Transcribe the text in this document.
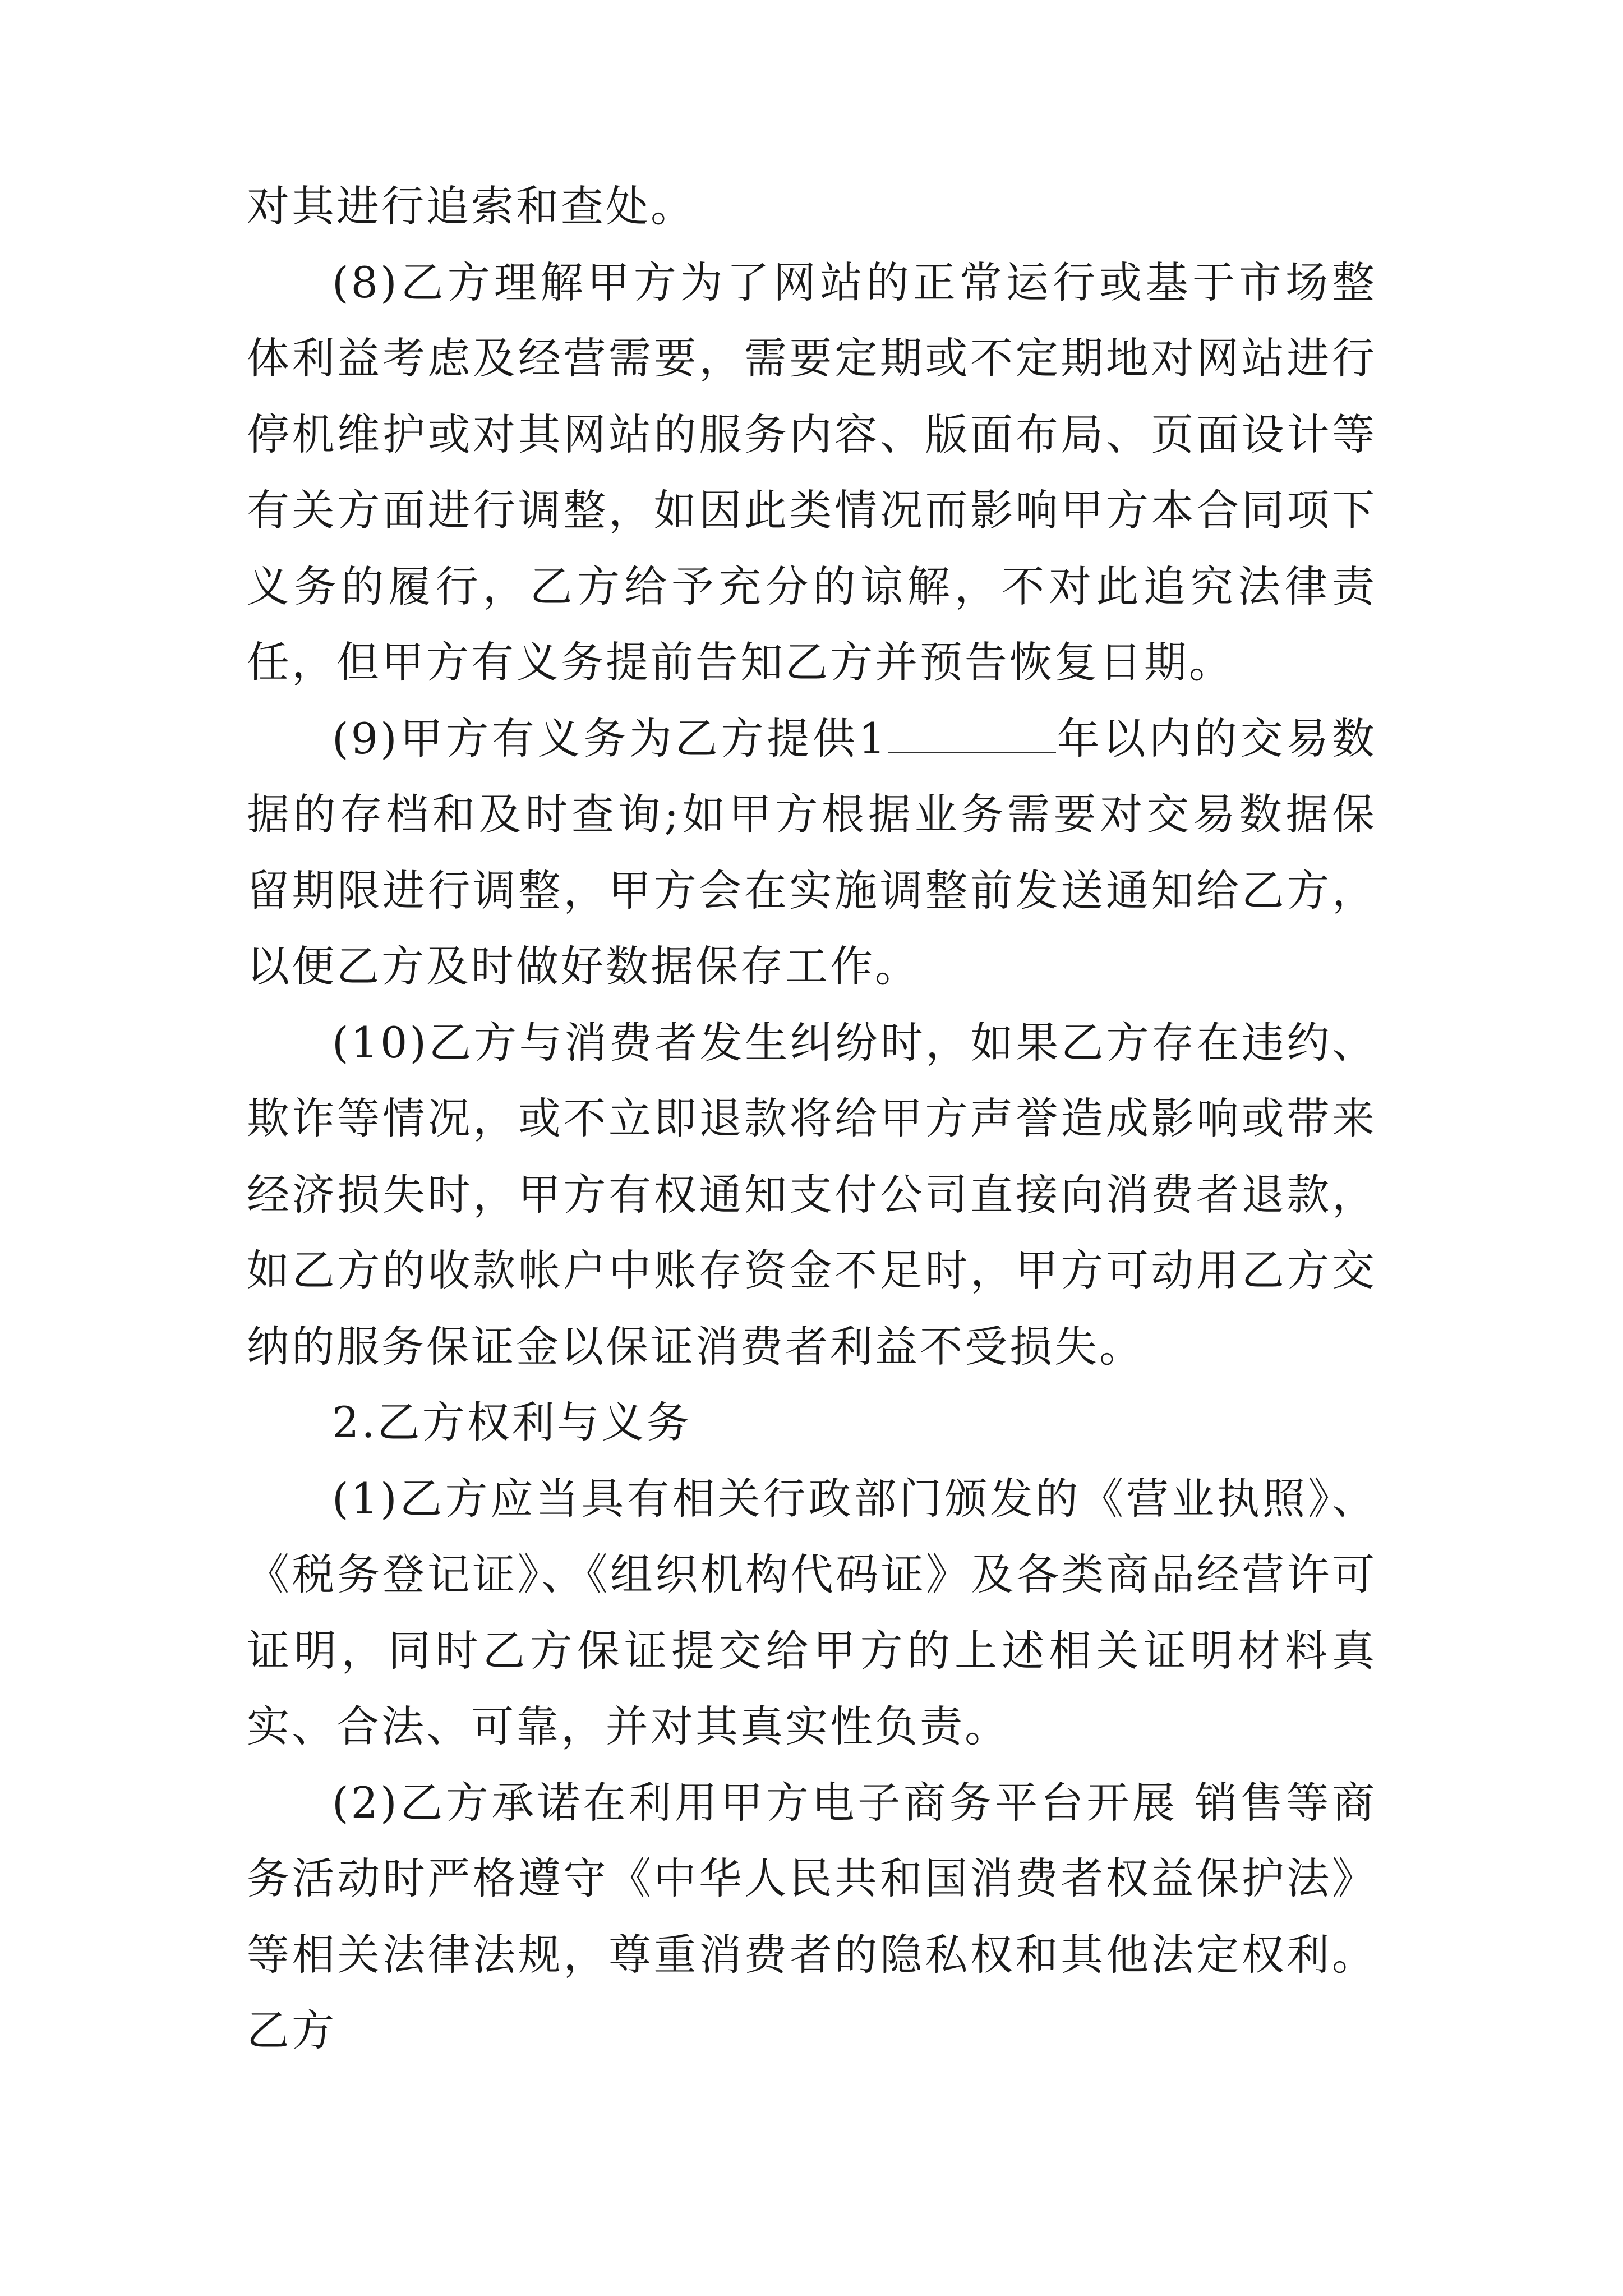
对其进行追索和查处。

(8)乙方理解甲方为了网站的正常运行或基于市场整体利益考虑及经营需要，需要定期或不定期地对网站进行停机维护或对其网站的服务内容、版面布局、页面设计等有关方面进行调整，如因此类情况而影响甲方本合同项下义务的履行，乙方给予充分的谅解，不对此追究法律责任，但甲方有义务提前告知乙方并预告恢复日期。

(9)甲方有义务为乙方提供1	年以内的交易数据的存档和及时查询;如甲方根据业务需要对交易数据保留期限进行调整，甲方会在实施调整前发送通知给乙方，以便乙方及时做好数据保存工作。

(10)乙方与消费者发生纠纷时，如果乙方存在违约、欺诈等情况，或不立即退款将给甲方声誉造成影响或带来经济损失时，甲方有权通知支付公司直接向消费者退款，如乙方的收款帐户中账存资金不足时，甲方可动用乙方交纳的服务保证金以保证消费者利益不受损失。

2.乙方权利与义务

(1)乙方应当具有相关行政部门颁发的《营业执照》、《税务登记证》、《组织机构代码证》及各类商品经营许可证明，同时乙方保证提交给甲方的上述相关证明材料真实、合法、可靠，并对其真实性负责。

(2)乙方承诺在利用甲方电子商务平台开展 销售等商务活动时严格遵守《中华人民共和国消费者权益保护法》等相关法律法规，尊重消费者的隐私权和其他法定权利。乙方
